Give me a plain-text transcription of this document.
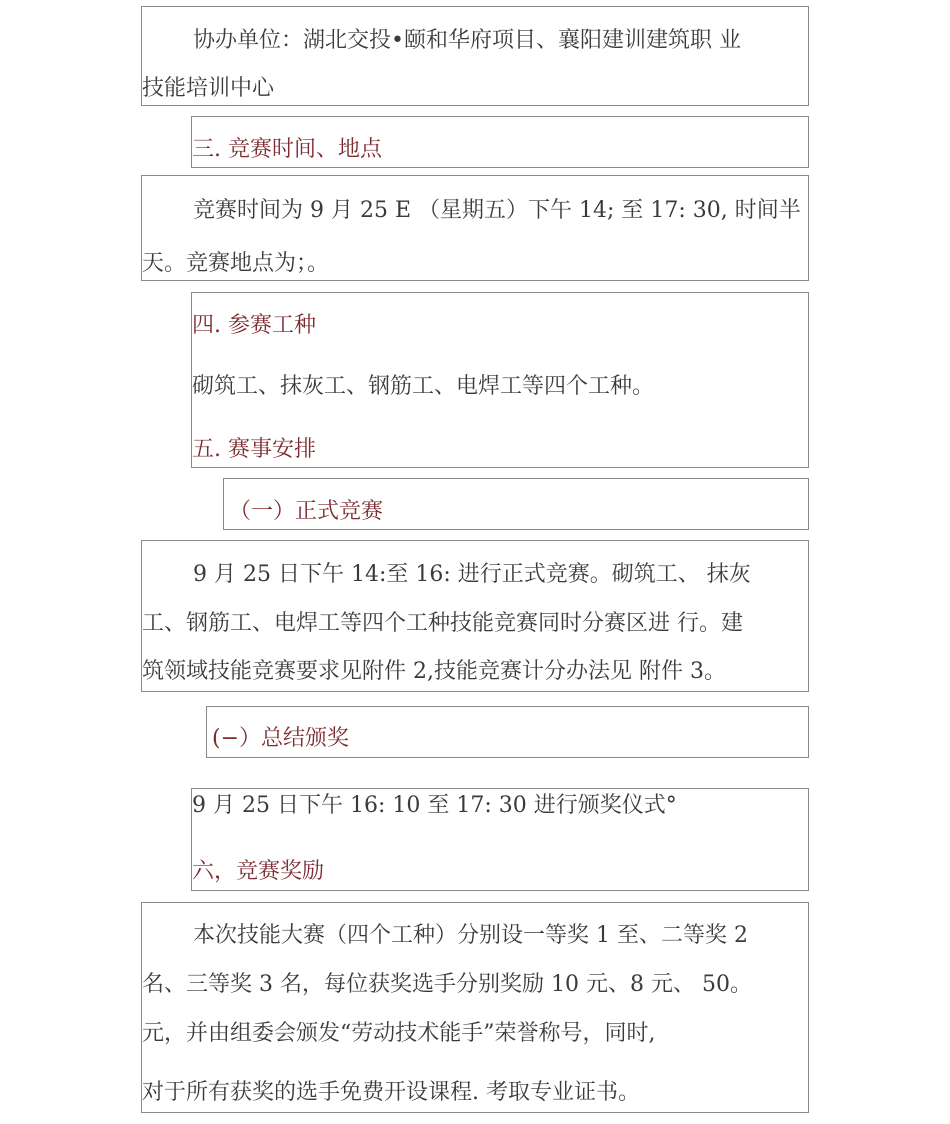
协办单位：湖北交投•颐和华府项目、襄阳建训建筑职 业
技能培训中心
三. 竞赛时间、地点
竞赛时间为 9 月 25 E （星期五）下午 14; 至 17: 30, 时间半
天。竞赛地点为；。
四. 参赛工种
砌筑工、抹灰工、钢筋工、电焊工等四个工种。
五. 赛事安排
（一）正式竞赛
9 月 25 日下午 14:至 16: 进行正式竞赛。砌筑工、 抹灰
工、钢筋工、电焊工等四个工种技能竞赛同时分赛区进 行。建
筑领域技能竞赛要求见附件 2,技能竞赛计分办法见 附件 3。
(−）总结颁奖
9 月 25 日下午 16: 10 至 17: 30 进行颁奖仪式°
六，竞赛奖励
本次技能大赛（四个工种）分别设一等奖 1 至、二等奖 2
名、三等奖 3 名，每位获奖选手分别奖励 10 元、8 元、 50。
元，并由组委会颁发“劳动技术能手”荣誉称号，同时,
对于所有获奖的选手免费开设课程. 考取专业证书。
